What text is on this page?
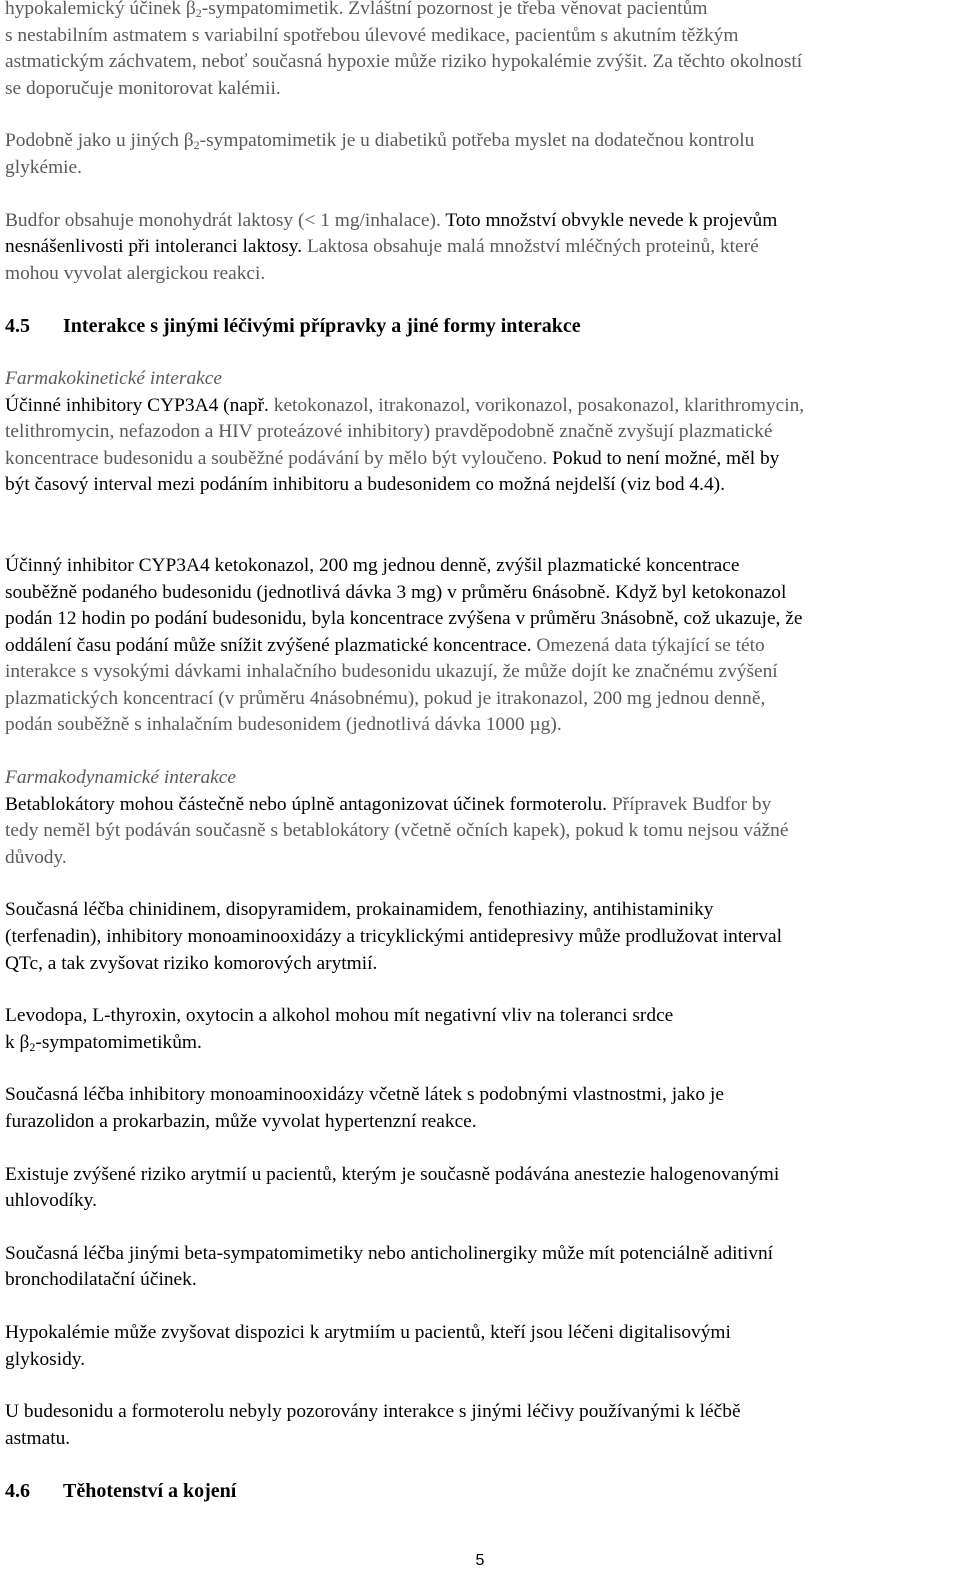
hypokalemický účinek $\beta_2$-sympatomimetik. Zvláštní pozornost je třeba věnovat pacientům
s nestabilním astmatem s variabilní spotřebou úlevové medikace, pacientům s akutním těžkým
astmatickým záchvatem, neboť současná hypoxie může riziko hypokalémie zvýšit. Za těchto okolností
se doporučuje monitorovat kalémii.

Podobně jako u jiných $\beta_2$-sympatomimetik je u diabetiků potřeba myslet na dodatečnou kontrolu
glykémie.

Budfor obsahuje monohydrát laktosy (< 1 mg/inhalace). Toto množství obvykle nevede k projevům
nesnášenlivosti při intoleranci laktosy. Laktosa obsahuje malá množství mléčných proteinů, které
mohou vyvolat alergickou reakci.

4.5 Interakce s jinými léčivými přípravky a jiné formy interakce

Farmakokinetické interakce

Účinné inhibitory CYP3A4 (např. ketokonazol, itrakonazol, vorikonazol, posakonazol, klarithromycin,
telithromycin, nefazodon a HIV proteázové inhibitory) pravděpodobně značně zvyšují plazmatické
koncentrace budesonidu a souběžné podávání by mělo být vyloučeno. Pokud to není možné, měl by
být časový interval mezi podáním inhibitoru a budesonidem co možná nejdelší (viz bod 4.4).

Účinný inhibitor CYP3A4 ketokonazol, 200 mg jednou denně, zvýšil plazmatické koncentrace
souběžně podaného budesonidu (jednotlivá dávka 3 mg) v průměru 6násobně. Když byl ketokonazol
podán 12 hodin po podání budesonidu, byla koncentrace zvýšena v průměru 3násobně, což ukazuje, že
oddálení času podání může snížit zvýšené plazmatické koncentrace. Omezená data týkající se této
interakce s vysokými dávkami inhalačního budesonidu ukazují, že může dojít ke značnému zvýšení
plazmatických koncentrací (v průměru 4násobnému), pokud je itrakonazol, 200 mg jednou denně,
podán souběžně s inhalačním budesonidem (jednotlivá dávka 1000 µg).

Farmakodynamické interakce

Betablokátory mohou částečně nebo úplně antagonizovat účinek formoterolu. Přípravek Budfor by
tedy neměl být podáván současně s betablokátory (včetně očních kapek), pokud k tomu nejsou vážné
důvody.

Současná léčba chinidinem, disopyramidem, prokainamidem, fenothiaziny, antihistaminiky
(terfenadin), inhibitory monoaminooxidázy a tricyklickými antidepresivy může prodlužovat interval
QTc, a tak zvyšovat riziko komorových arytmií.

Levodopa, L-thyroxin, oxytocin a alkohol mohou mít negativní vliv na toleranci srdce
k $\beta_2$-sympatomimetikům.

Současná léčba inhibitory monoaminooxidázy včetně látek s podobnými vlastnostmi, jako je
furazolidon a prokarbazin, může vyvolat hypertenzní reakce.

Existuje zvýšené riziko arytmií u pacientů, kterým je současně podávána anestezie halogenovanými
uhlovodíky.

Současná léčba jinými beta-sympatomimetiky nebo anticholinergiky může mít potenciálně aditivní
bronchodilatační účinek.

Hypokalémie může zvyšovat dispozici k arytmiím u pacientů, kteří jsou léčeni digitalisovými
glykosidy.

U budesonidu a formoterolu nebyly pozorovány interakce s jinými léčivy používanými k léčbě
astmatu.

4.6 Těhotenství a kojení

5
